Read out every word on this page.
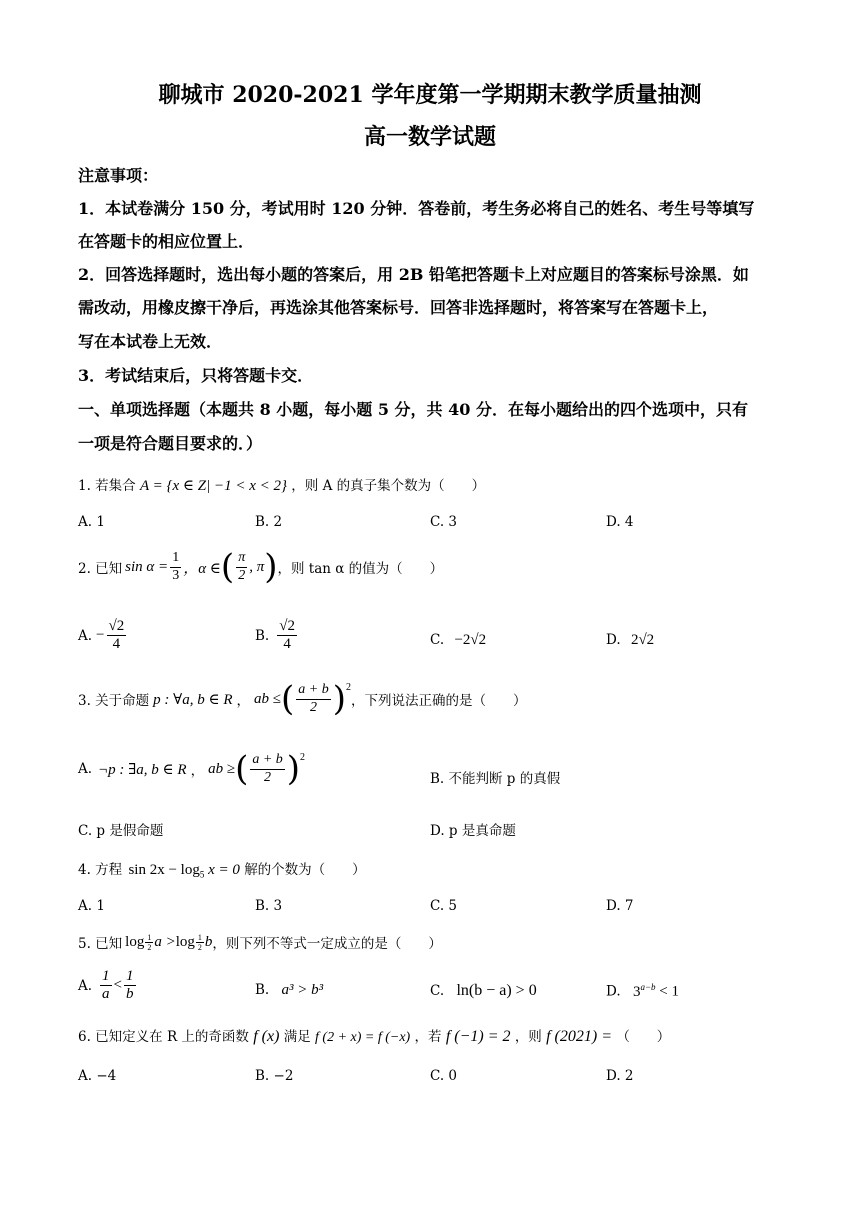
聊城市 2020-2021 学年度第一学期期末教学质量抽测
高一数学试题
注意事项：
1．本试卷满分 150 分，考试用时 120 分钟．答卷前，考生务必将自己的姓名、考生号等填写
在答题卡的相应位置上．
2．回答选择题时，选出每小题的答案后，用 2B 铅笔把答题卡上对应题目的答案标号涂黑．如
需改动，用橡皮擦干净后，再选涂其他答案标号．回答非选择题时，将答案写在答题卡上，
写在本试卷上无效．
3．考试结束后，只将答题卡交．
一、单项选择题（本题共 8 小题，每小题 5 分，共 40 分．在每小题给出的四个选项中，只有
一项是符合题目要求的．）
1. 若集合 A = {x ∈ Z| −1 < x < 2} ，则 A 的真子集个数为（　　）
A. 1	B. 2	C. 3	D. 4
2. 已知 $\sin \alpha = \frac{1}{3}$ ，α ∈ ( $\frac{\pi}{2}$ , π ) ，则 tan α 的值为（　　）
A. − $\frac{√2}{4}$	B. $\frac{√2}{4}$	C. −2√2	D. 2√2
3. 关于命题 p : ∀a, b ∈ R ， ab ≤ ( $\frac{a + b}{2}$ ) 2
，下列说法正确的是（　　）
A. ¬p : ∃a, b ∈ R ， ab ≥ ( $\frac{a + b}{2}$ ) 2
B. 不能判断 p 的真假
C. p 是假命题	D. p 是真命题
4. 方程 $\sin 2x - \log_5 x = 0$ 解的个数为（　　）
A. 1	B. 3	C. 5	D. 7
5. 已知 $\log \frac{1}{2}$ $a > \log \frac{1}{2}$ b ，则下列不等式一定成立的是（　　）
A. $\frac{1}{a} < \frac{1}{b}$	B. a³ > b³	C. ln(b − a) > 0	D. $3^{a-b} < 1$
6. 已知定义在 R 上的奇函数 f (x) 满足 f (2 + x) = f (−x) ，若 f (−1) = 2 ，则 f (2021) = （　　）
A. −4	B. −2	C. 0	D. 2
